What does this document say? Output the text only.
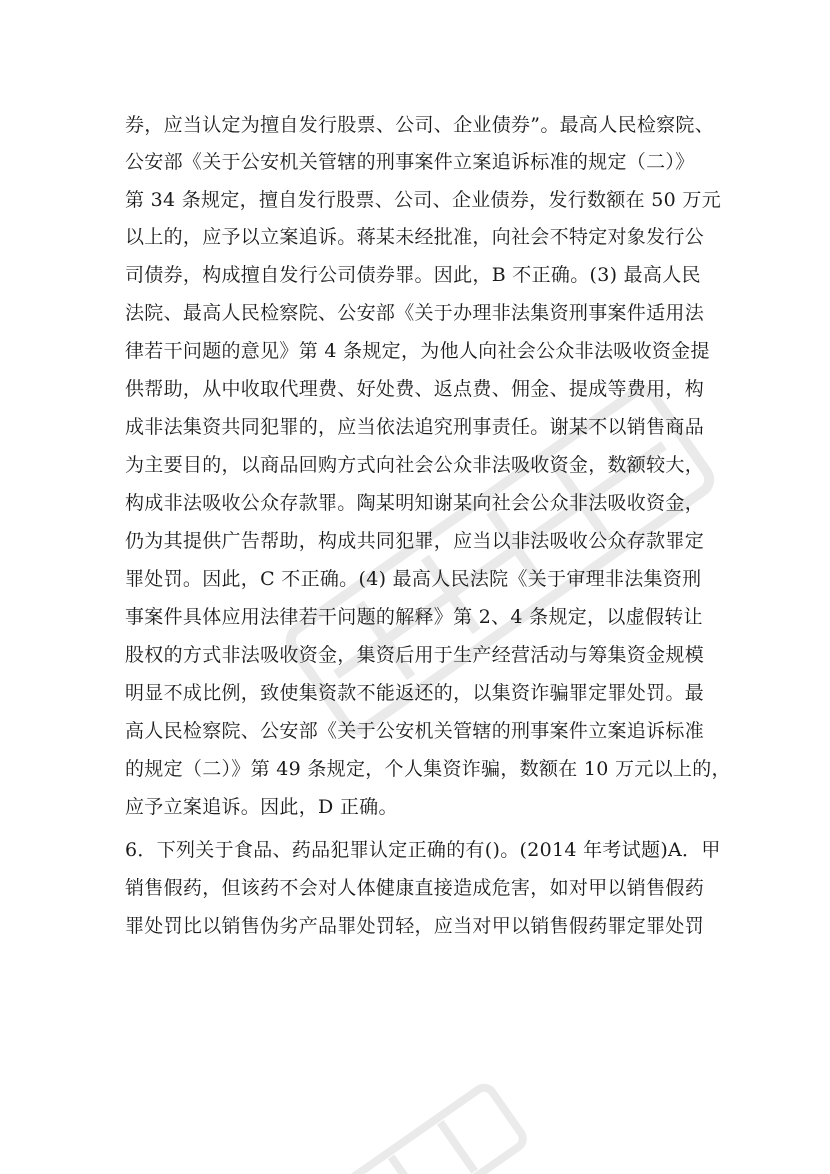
券，应当认定为擅自发行股票、公司、企业债券”。最高人民检察院、
公安部《关于公安机关管辖的刑事案件立案追诉标准的规定（二）》
第 34 条规定，擅自发行股票、公司、企业债券，发行数额在 50 万元
以上的，应予以立案追诉。蒋某未经批准，向社会不特定对象发行公
司债券，构成擅自发行公司债券罪。因此，B 不正确。(3) 最高人民
法院、最高人民检察院、公安部《关于办理非法集资刑事案件适用法
律若干问题的意见》第 4 条规定，为他人向社会公众非法吸收资金提
供帮助，从中收取代理费、好处费、返点费、佣金、提成等费用，构
成非法集资共同犯罪的，应当依法追究刑事责任。谢某不以销售商品
为主要目的，以商品回购方式向社会公众非法吸收资金，数额较大，
构成非法吸收公众存款罪。陶某明知谢某向社会公众非法吸收资金，
仍为其提供广告帮助，构成共同犯罪，应当以非法吸收公众存款罪定
罪处罚。因此，C 不正确。(4) 最高人民法院《关于审理非法集资刑
事案件具体应用法律若干问题的解释》第 2、4 条规定，以虚假转让
股权的方式非法吸收资金，集资后用于生产经营活动与筹集资金规模
明显不成比例，致使集资款不能返还的，以集资诈骗罪定罪处罚。最
高人民检察院、公安部《关于公安机关管辖的刑事案件立案追诉标准
的规定（二）》第 49 条规定，个人集资诈骗，数额在 10 万元以上的，
应予立案追诉。因此，D 正确。
6．下列关于食品、药品犯罪认定正确的有()。(2014 年考试题)A．甲
销售假药，但该药不会对人体健康直接造成危害，如对甲以销售假药
罪处罚比以销售伪劣产品罪处罚轻，应当对甲以销售假药罪定罪处罚
